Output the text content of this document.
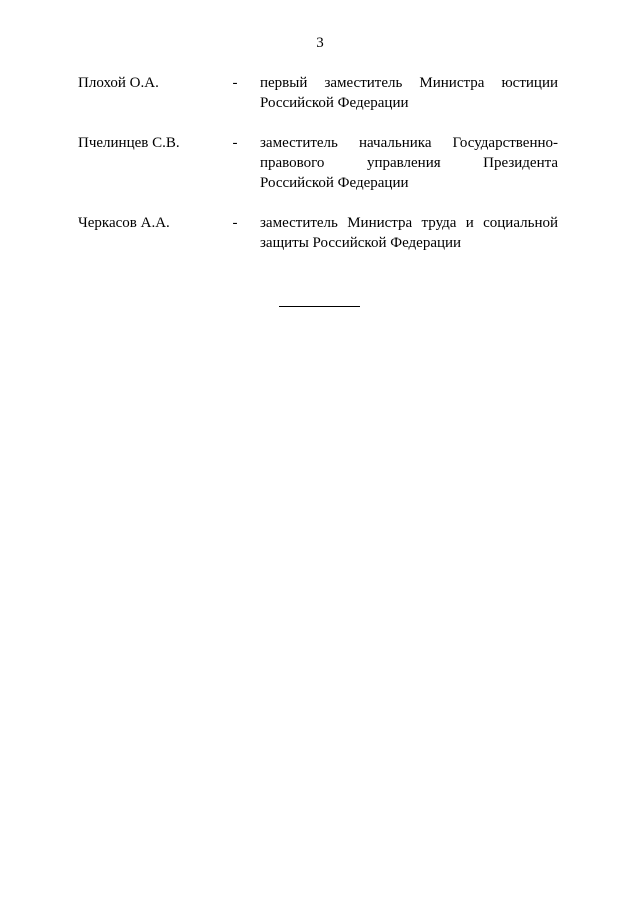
3
Плохой О.А.	- первый заместитель Министра юстиции
Российской Федерации
Пчелинцев С.В.	- заместитель начальника Государственно-
правового управления Президента
Российской Федерации
Черкасов А.А.	- заместитель Министра труда и социальной
защиты Российской Федерации
